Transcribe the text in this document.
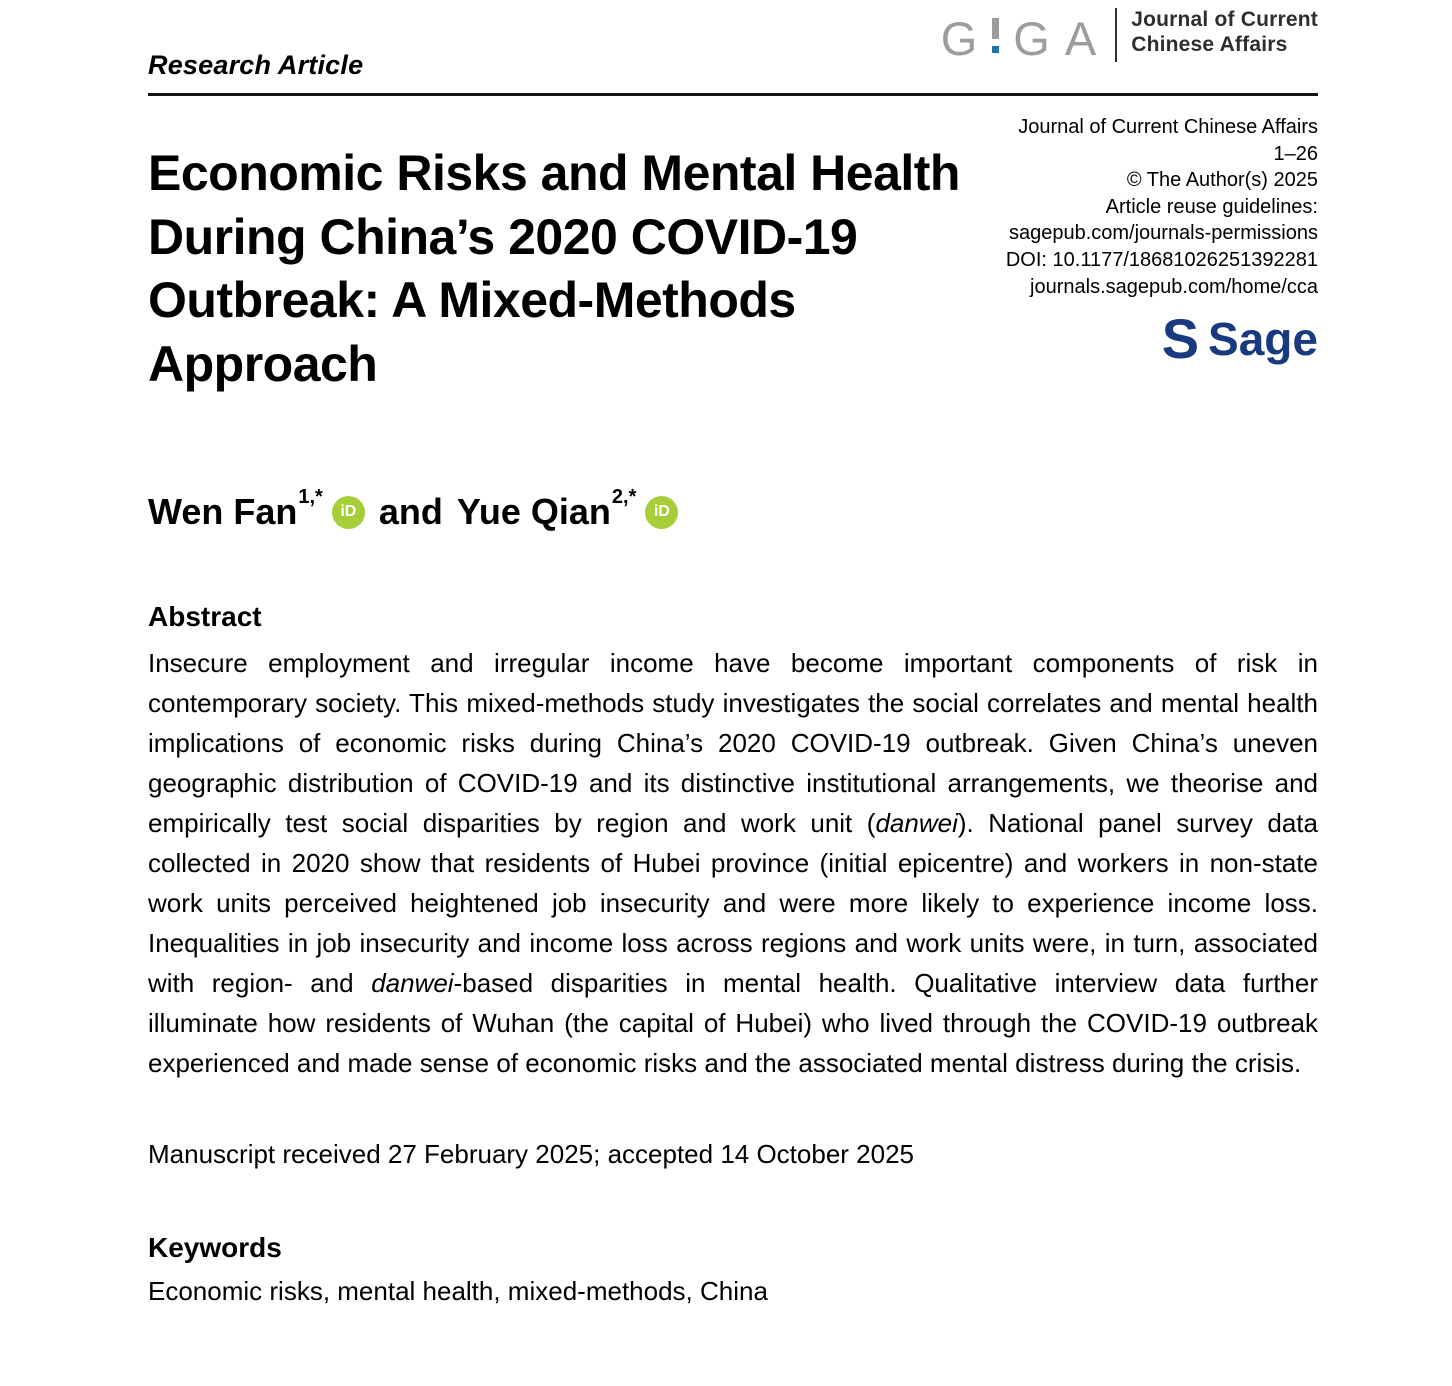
Research Article	G G A Journal of Current
Chinese Affairs
Economic Risks and Mental Health During China’s 2020 COVID-19 Outbreak: A Mixed-Methods Approach
Journal of Current Chinese Affairs
1–26
© The Author(s) 2025
Article reuse guidelines:
sagepub.com/journals-permissions
DOI: 10.1177/18681026251392281
journals.sagepub.com/home/cca
S Sage
Wen Fan 1,*
iD and Yue Qian 2,*
iD
Abstract
Insecure employment and irregular income have become important components of risk in contemporary society. This mixed-methods study investigates the social correlates and mental health implications of economic risks during China’s 2020 COVID-19 outbreak. Given China’s uneven geographic distribution of COVID-19 and its distinctive institutional arrangements, we theorise and empirically test social disparities by region and work unit (danwei). National panel survey data collected in 2020 show that residents of Hubei province (initial epicentre) and workers in non-state work units perceived heightened job insecurity and were more likely to experience income loss. Inequalities in job insecurity and income loss across regions and work units were, in turn, associated with region- and danwei-based disparities in mental health. Qualitative interview data further illuminate how residents of Wuhan (the capital of Hubei) who lived through the COVID-19 outbreak experienced and made sense of economic risks and the associated mental distress during the crisis.
Manuscript received 27 February 2025; accepted 14 October 2025
Keywords
Economic risks, mental health, mixed-methods, China
